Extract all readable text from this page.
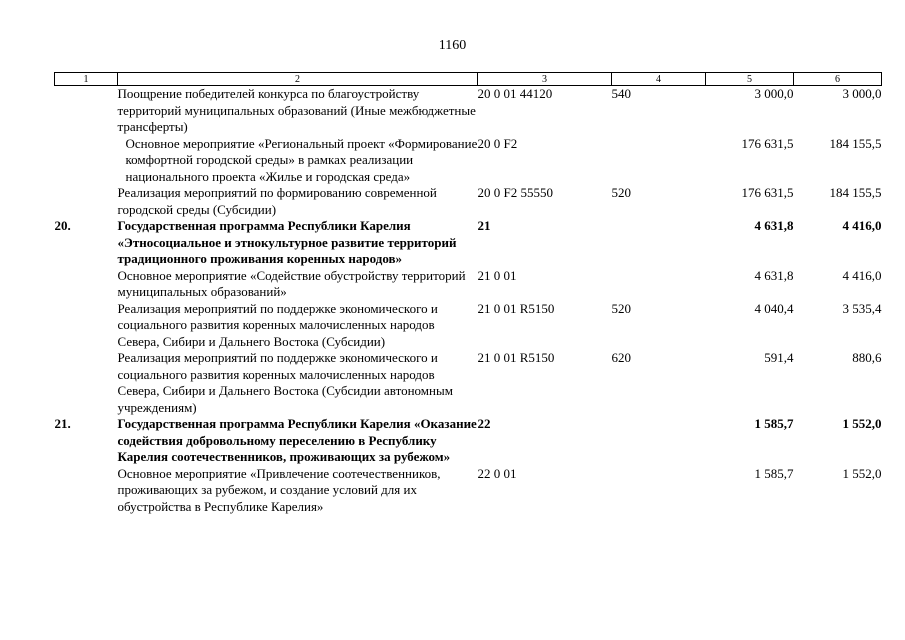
1160
1	2	3	4	5	6
	Поощрение победителей конкурса по благоустройству территорий муниципальных образований (Иные межбюджетные трансферты)	20 0 01 44120	540	3 000,0	3 000,0
	Основное мероприятие «Региональный проект «Формирование комфортной городской среды» в рамках реализации национального проекта «Жилье и городская среда»	20 0 F2		176 631,5	184 155,5
	Реализация мероприятий по формированию современной городской среды (Субсидии)	20 0 F2 55550	520	176 631,5	184 155,5
20.	Государственная программа Республики Карелия «Этносоциальное и этнокультурное развитие территорий традиционного проживания коренных народов»	21		4 631,8	4 416,0
	Основное мероприятие «Содействие обустройству территорий муниципальных образований»	21 0 01		4 631,8	4 416,0
	Реализация мероприятий по поддержке экономического и социального развития коренных малочисленных народов Севера, Сибири и Дальнего Востока (Субсидии)	21 0 01 R5150	520	4 040,4	3 535,4
	Реализация мероприятий по поддержке экономического и социального развития коренных малочисленных народов Севера, Сибири и Дальнего Востока (Субсидии автономным учреждениям)	21 0 01 R5150	620	591,4	880,6
21.	Государственная программа Республики Карелия «Оказание содействия добровольному переселению в Республику Карелия соотечественников, проживающих за рубежом»	22		1 585,7	1 552,0
	Основное мероприятие «Привлечение соотечественников, проживающих за рубежом, и создание условий для их обустройства в Республике Карелия»	22 0 01		1 585,7	1 552,0
